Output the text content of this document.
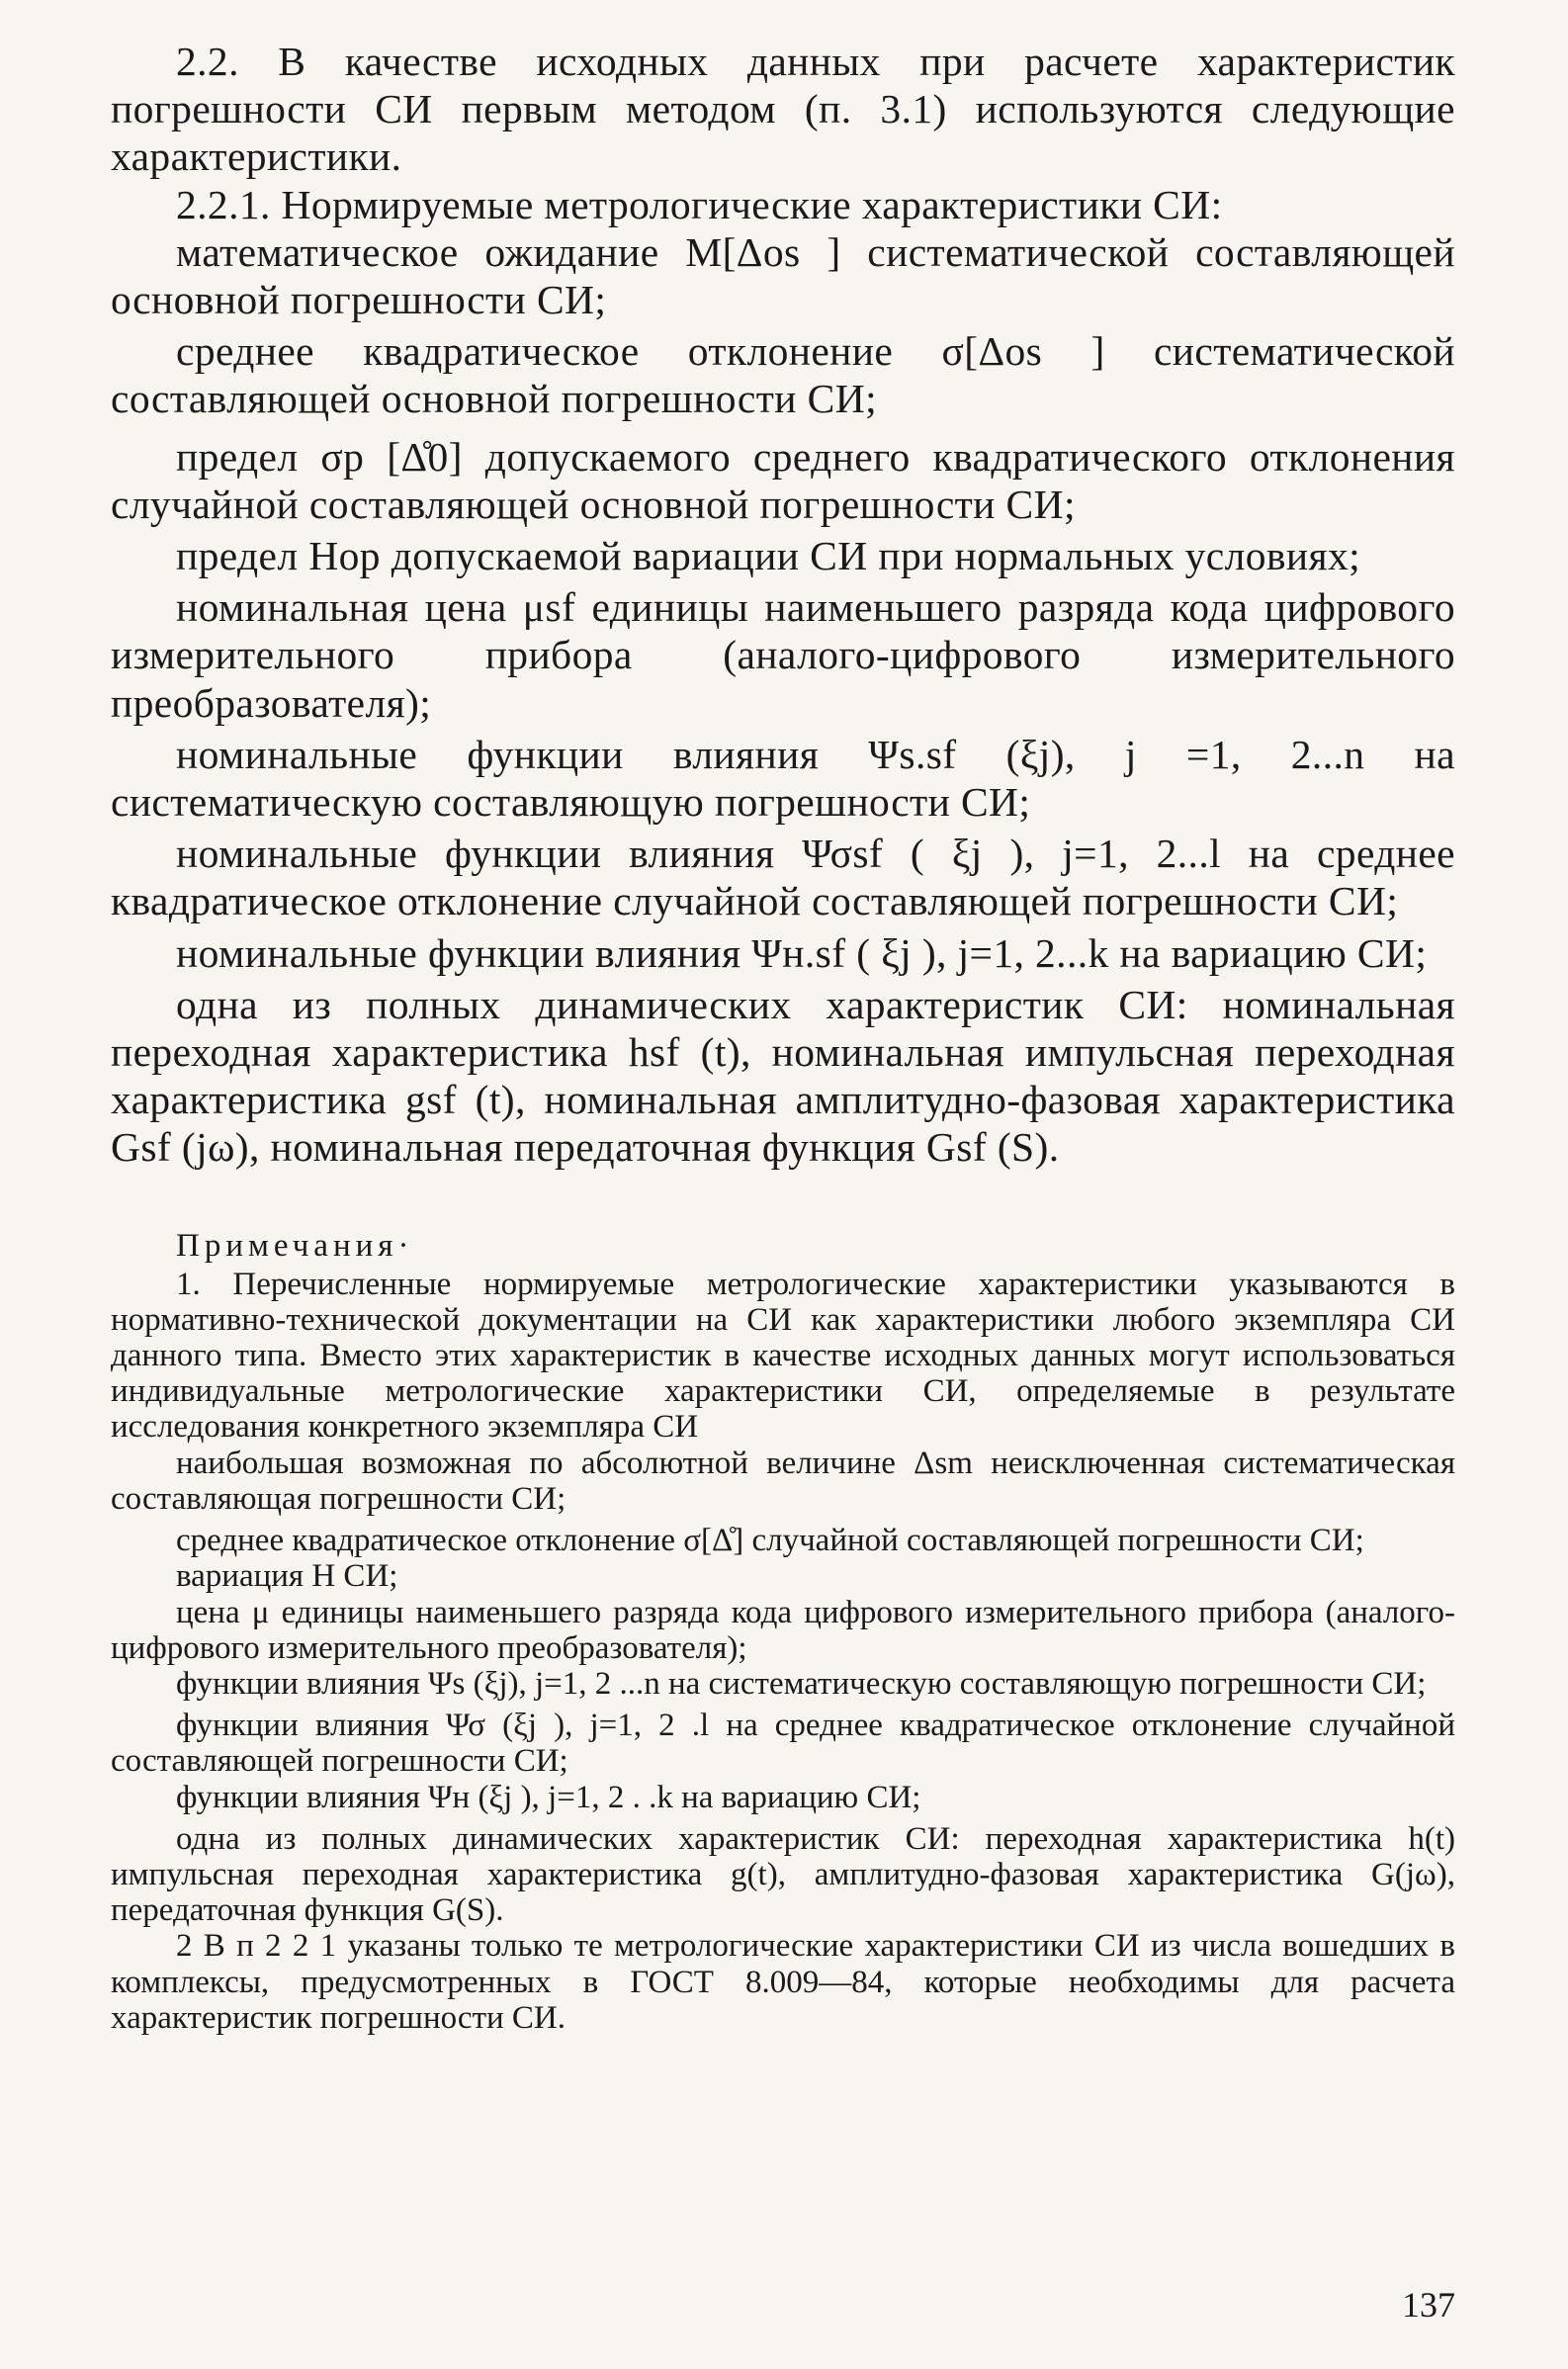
2.2. В качестве исходных данных при расчете характеристик погрешности СИ первым методом (п. 3.1) используются следующие характеристики.

2.2.1. Нормируемые метрологические характеристики СИ:

математическое ожидание M[Δos ] систематической составляющей основной погрешности СИ;

среднее квадратическое отклонение σ[Δos ] систематической составляющей основной погрешности СИ;

предел σp [Δ̊0] допускаемого среднего квадратического отклонения случайной составляющей основной погрешности СИ;

предел Hop допускаемой вариации СИ при нормальных условиях;

номинальная цена μsf единицы наименьшего разряда кода цифрового измерительного прибора (аналого-цифрового измерительного преобразователя);

номинальные функции влияния Ψs.sf (ξj), j =1, 2...n на систематическую составляющую погрешности СИ;

номинальные функции влияния Ψσsf ( ξj ), j=1, 2...l на среднее квадратическое отклонение случайной составляющей погрешности СИ;

номинальные функции влияния Ψн.sf ( ξj ), j=1, 2...k на вариацию СИ;

одна из полных динамических характеристик СИ: номинальная переходная характеристика hsf (t), номинальная импульсная переходная характеристика gsf (t), номинальная амплитудно-фазовая характеристика Gsf (jω), номинальная передаточная функция Gsf (S).

Примечания·

1. Перечисленные нормируемые метрологические характеристики указываются в нормативно-технической документации на СИ как характеристики любого экземпляра СИ данного типа. Вместо этих характеристик в качестве исходных данных могут использоваться индивидуальные метрологические характеристики СИ, определяемые в результате исследования конкретного экземпляра СИ

наибольшая возможная по абсолютной величине Δsm неисключенная систематическая составляющая погрешности СИ;

среднее квадратическое отклонение σ[Δ̊] случайной составляющей погрешности СИ;

вариация H СИ;

цена μ единицы наименьшего разряда кода цифрового измерительного прибора (аналого-цифрового измерительного преобразователя);

функции влияния Ψs (ξj), j=1, 2 ...n на систематическую составляющую погрешности СИ;

функции влияния Ψσ (ξj ), j=1, 2 .l на среднее квадратическое отклонение случайной составляющей погрешности СИ;

функции влияния Ψн (ξj ), j=1, 2 . .k на вариацию СИ;

одна из полных динамических характеристик СИ: переходная характеристика h(t) импульсная переходная характеристика g(t), амплитудно-фазовая характеристика G(jω), передаточная функция G(S).

2 В п 2 2 1 указаны только те метрологические характеристики СИ из числа вошедших в комплексы, предусмотренных в ГОСТ 8.009—84, которые необходимы для расчета характеристик погрешности СИ.

137
